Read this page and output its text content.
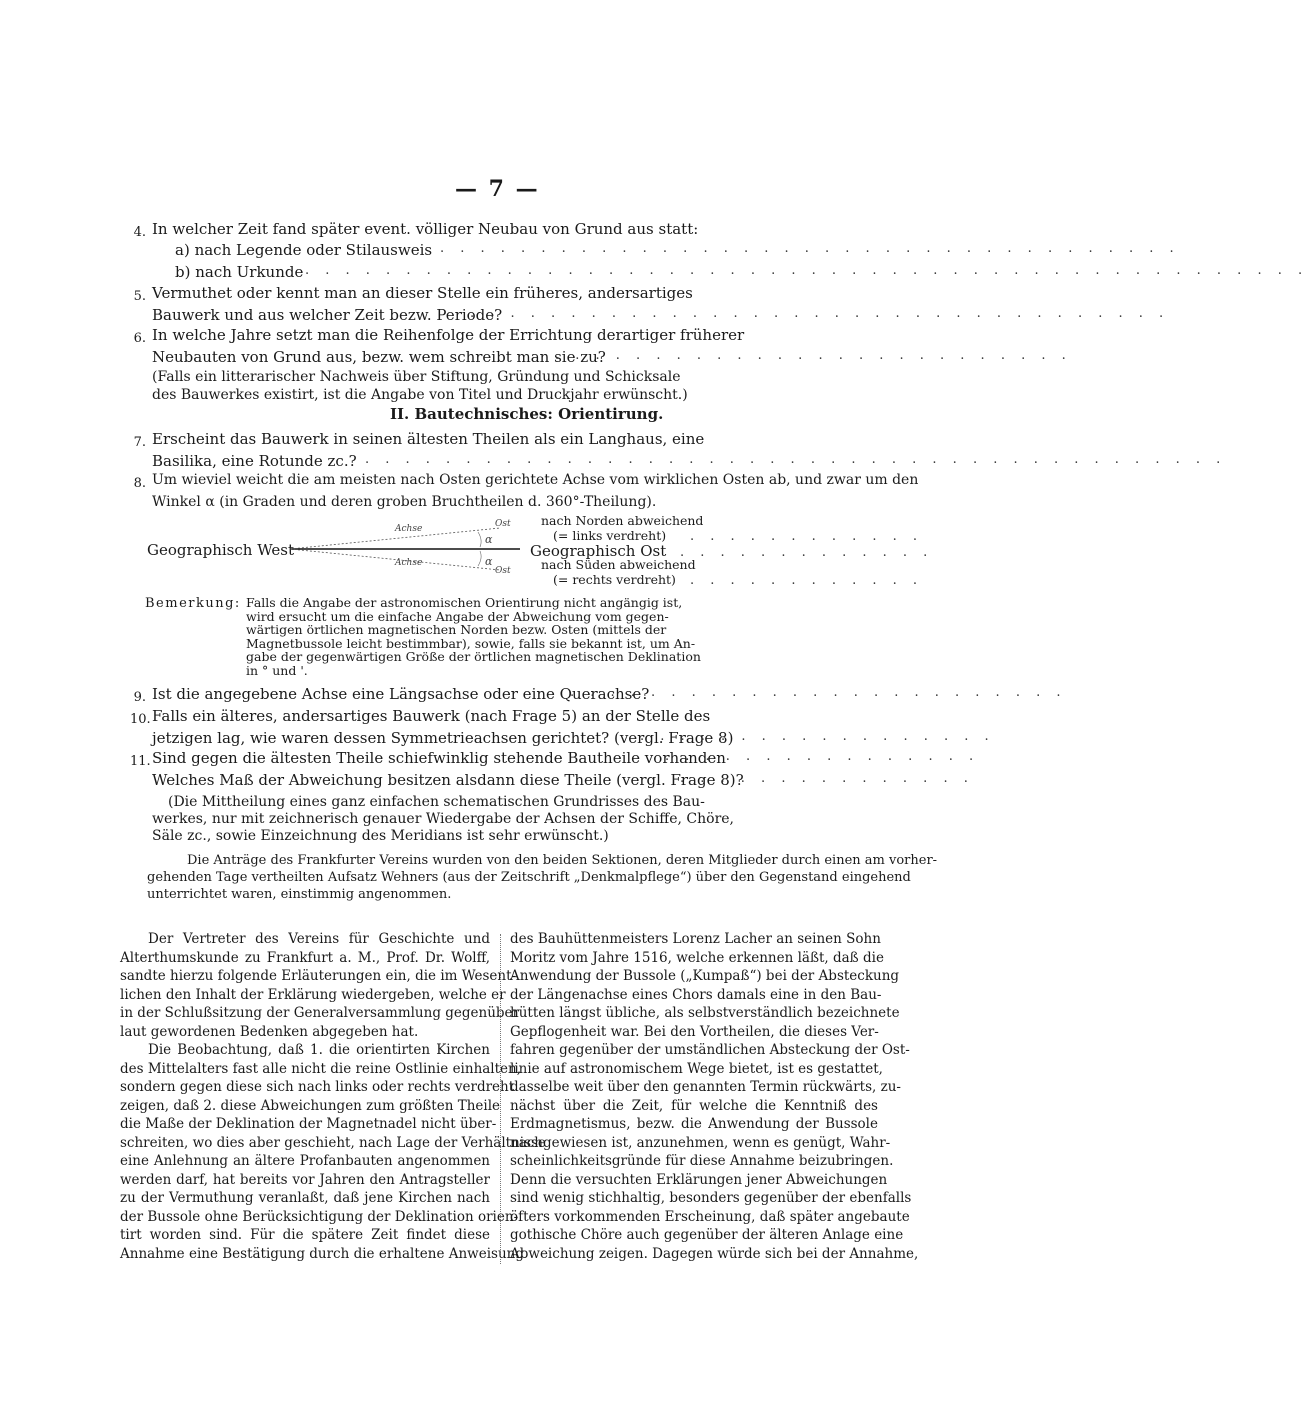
— 7 —
4. In welcher Zeit fand später event. völliger Neubau von Grund aus statt:
a) nach Legende oder Stilausweis . . . . . . . . . . . . . . . . . . . . . . . . . . . . . . . . . . . . .
b) nach Urkunde . . . . . . . . . . . . . . . . . . . . . . . . . . . . . . . . . . . . . . . . . . . . . . . . . .
5. Vermuthet oder kennt man an dieser Stelle ein früheres, andersartiges
Bauwerk und aus welcher Zeit bezw. Periode?
. . . . . . . . . . . . . . . . . . . . . . . . . . . . . . . . . . .
6. In welche Jahre setzt man die Reihenfolge der Errichtung derartiger früherer
Neubauten von Grund aus, bezw. wem schreibt man sie zu?
. . . . . . . . . . . . . . . . . . . . . . . . . .
(Falls ein litterarischer Nachweis über Stiftung, Gründung und Schicksale
des Bauwerkes existirt, ist die Angabe von Titel und Druckjahr erwünscht.)
II. Bautechnisches: Orientirung.
7. Erscheint das Bauwerk in seinen ältesten Theilen als ein Langhaus, eine
Basilika, eine Rotunde zc.? . . . . . . . . . . . . . . . . . . . . . . . . . . . . . . . . . . . . . . . . . . .
8. Um wieviel weicht die am meisten nach Osten gerichtete Achse vom wirklichen Osten ab, und zwar um den
Winkel α (in Graden und deren groben Bruchtheilen d. 360°-Theilung).
Geographisch West
Achse	Ost
α
α
Achse
Ost
nach Norden abweichend
(= links verdreht) . . . . . . . . . . . .
Geographisch Ost . . . . . . . . . . . . .
nach Süden abweichend
(= rechts verdreht) . . . . . . . . . . . .
Bemerkung: Falls die Angabe der astronomischen Orientirung nicht angängig ist,
wird ersucht um die einfache Angabe der Abweichung vom gegen-
wärtigen örtlichen magnetischen Norden bezw. Osten (mittels der
Magnetbussole leicht bestimmbar), sowie, falls sie bekannt ist, um An-
gabe der gegenwärtigen Größe der örtlichen magnetischen Deklination
in ° und '.
9. Ist die angegebene Achse eine Längsachse oder eine Querachse?
. . . . . . . . . . . . . . . . . . . . . . . . .
10. Falls ein älteres, andersartiges Bauwerk (nach Frage 5) an der Stelle des
jetzigen lag, wie waren dessen Symmetrieachsen gerichtet? (vergl. Frage 8)
. . . . . . . . . . . . . . . . . .
11. Sind gegen die ältesten Theile schiefwinklig stehende Bautheile vorhanden
. . . . . . . . . . . . . . . .
Welches Maß der Abweichung besitzen alsdann diese Theile (vergl. Frage 8)?
. . . . . . . . . . . . . . .
(Die Mittheilung eines ganz einfachen schematischen Grundrisses des Bau-
werkes, nur mit zeichnerisch genauer Wiedergabe der Achsen der Schiffe, Chöre,
Säle zc., sowie Einzeichnung des Meridians ist sehr erwünscht.)
Die Anträge des Frankfurter Vereins wurden von den beiden Sektionen, deren Mitglieder durch einen am vorher-
gehenden Tage vertheilten Aufsatz Wehners (aus der Zeitschrift „Denkmalpflege“) über den Gegenstand eingehend
unterrichtet waren, einstimmig angenommen.
Der Vertreter des Vereins für Geschichte und
Alterthumskunde zu Frankfurt a. M., Prof. Dr. Wolff,
sandte hierzu folgende Erläuterungen ein, die im Wesent-
lichen den Inhalt der Erklärung wiedergeben, welche er
in der Schlußsitzung der Generalversammlung gegenüber
laut gewordenen Bedenken abgegeben hat.
Die Beobachtung, daß 1. die orientirten Kirchen
des Mittelalters fast alle nicht die reine Ostlinie einhalten,
sondern gegen diese sich nach links oder rechts verdreht
zeigen, daß 2. diese Abweichungen zum größten Theile
die Maße der Deklination der Magnetnadel nicht über-
schreiten, wo dies aber geschieht, nach Lage der Verhältnisse
eine Anlehnung an ältere Profanbauten angenommen
werden darf, hat bereits vor Jahren den Antragsteller
zu der Vermuthung veranlaßt, daß jene Kirchen nach
der Bussole ohne Berücksichtigung der Deklination orien-
tirt worden sind. Für die spätere Zeit findet diese
Annahme eine Bestätigung durch die erhaltene Anweisung
des Bauhüttenmeisters Lorenz Lacher an seinen Sohn
Moritz vom Jahre 1516, welche erkennen läßt, daß die
Anwendung der Bussole („Kumpaß“) bei der Absteckung
der Längenachse eines Chors damals eine in den Bau-
hütten längst übliche, als selbstverständlich bezeichnete
Gepflogenheit war. Bei den Vortheilen, die dieses Ver-
fahren gegenüber der umständlichen Absteckung der Ost-
linie auf astronomischem Wege bietet, ist es gestattet,
dasselbe weit über den genannten Termin rückwärts, zu-
nächst über die Zeit, für welche die Kenntniß des
Erdmagnetismus, bezw. die Anwendung der Bussole
nachgewiesen ist, anzunehmen, wenn es genügt, Wahr-
scheinlichkeitsgründe für diese Annahme beizubringen.
Denn die versuchten Erklärungen jener Abweichungen
sind wenig stichhaltig, besonders gegenüber der ebenfalls
öfters vorkommenden Erscheinung, daß später angebaute
gothische Chöre auch gegenüber der älteren Anlage eine
Abweichung zeigen. Dagegen würde sich bei der Annahme,
